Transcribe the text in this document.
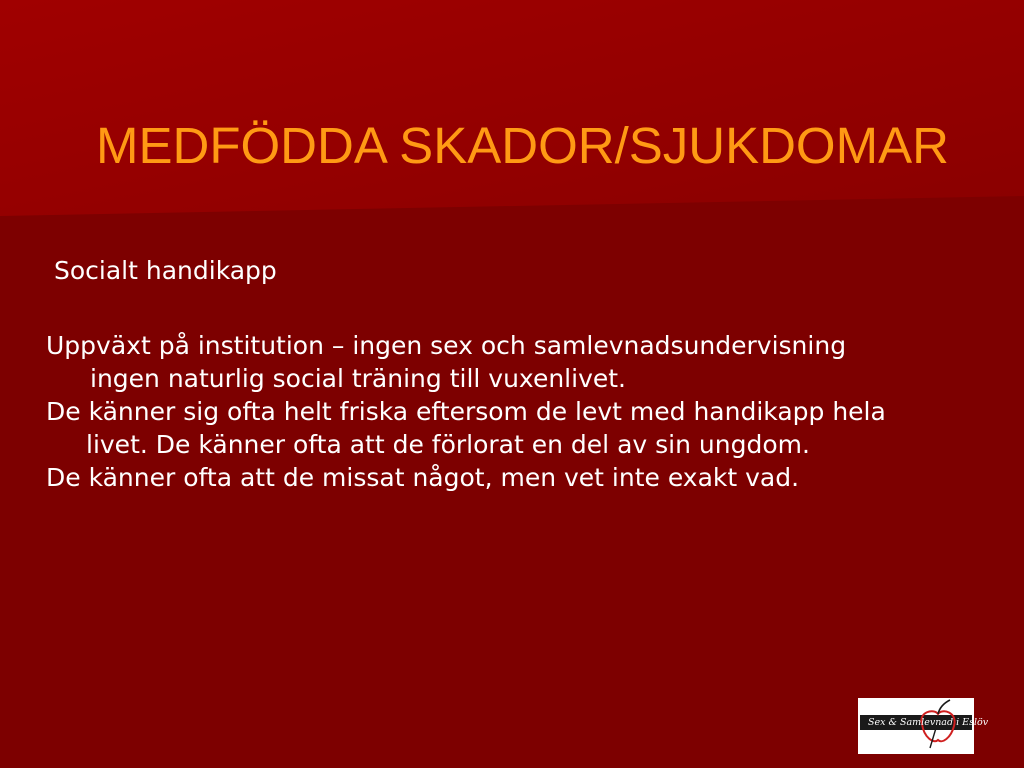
MEDFÖDDA SKADOR/SJUKDOMAR

Socialt handikapp

Uppväxt på institution – ingen sex och samlevnadsundervisning

ingen naturlig social träning till vuxenlivet.

De känner sig ofta helt friska eftersom de levt med handikapp hela livet. De känner ofta att de förlorat en del av sin ungdom.

De känner ofta att de missat något, men vet inte exakt vad.

Sex & Samlevnad i Eslöv
